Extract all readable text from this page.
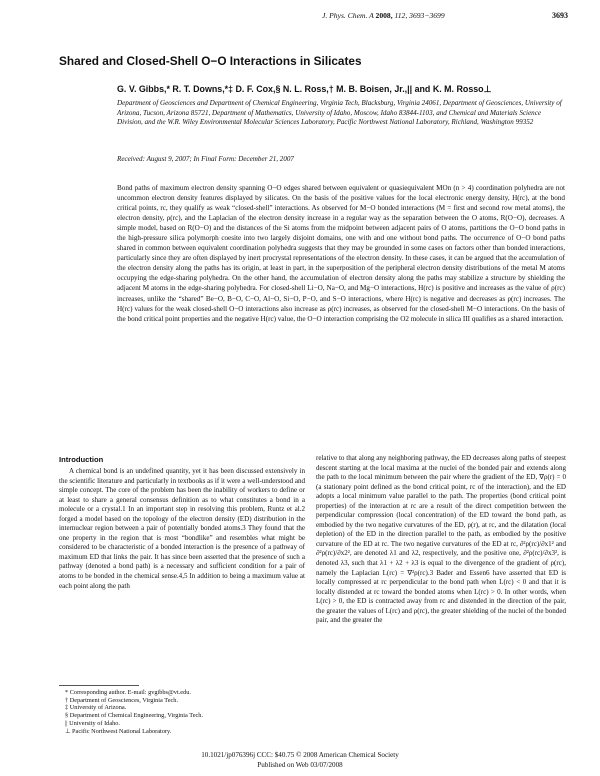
J. Phys. Chem. A 2008, 112, 3693−3699	3693
Shared and Closed-Shell O−O Interactions in Silicates
G. V. Gibbs,* R. T. Downs,*‡ D. F. Cox,§ N. L. Ross,† M. B. Boisen, Jr.,|| and K. M. Rosso⊥
Department of Geosciences and Department of Chemical Engineering, Virginia Tech, Blacksburg, Virginia 24061, Department of Geosciences, University of Arizona, Tucson, Arizona 85721, Department of Mathematics, University of Idaho, Moscow, Idaho 83844-1103, and Chemical and Materials Science Division, and the W.R. Wiley Environmental Molecular Sciences Laboratory, Pacific Northwest National Laboratory, Richland, Washington 99352
Received: August 9, 2007; In Final Form: December 21, 2007
Bond paths of maximum electron density spanning O−O edges shared between equivalent or quasiequivalent MOn (n > 4) coordination polyhedra are not uncommon electron density features displayed by silicates. On the basis of the positive values for the local electronic energy density, H(rc), at the bond critical points, rc, they qualify as weak “closed-shell” interactions. As observed for M−O bonded interactions (M = first and second row metal atoms), the electron density, ρ(rc), and the Laplacian of the electron density increase in a regular way as the separation between the O atoms, R(O−O), decreases. A simple model, based on R(O−O) and the distances of the Si atoms from the midpoint between adjacent pairs of O atoms, partitions the O−O bond paths in the high-pressure silica polymorph coesite into two largely disjoint domains, one with and one without bond paths. The occurrence of O−O bond paths shared in common between equivalent coordination polyhedra suggests that they may be grounded in some cases on factors other than bonded interactions, particularly since they are often displayed by inert procrystal representations of the electron density. In these cases, it can be argued that the accumulation of the electron density along the paths has its origin, at least in part, in the superposition of the peripheral electron density distributions of the metal M atoms occupying the edge-sharing polyhedra. On the other hand, the accumulation of electron density along the paths may stabilize a structure by shielding the adjacent M atoms in the edge-sharing polyhedra. For closed-shell Li−O, Na−O, and Mg−O interactions, H(rc) is positive and increases as the value of ρ(rc) increases, unlike the “shared” Be−O, B−O, C−O, Al−O, Si−O, P−O, and S−O interactions, where H(rc) is negative and decreases as ρ(rc) increases. The H(rc) values for the weak closed-shell O−O interactions also increase as ρ(rc) increases, as observed for the closed-shell M−O interactions. On the basis of the bond critical point properties and the negative H(rc) value, the O−O interaction comprising the O2 molecule in silica III qualifies as a shared interaction.
Introduction
A chemical bond is an undefined quantity, yet it has been discussed extensively in the scientific literature and particularly in textbooks as if it were a well-understood and simple concept. The core of the problem has been the inability of workers to define or at least to share a general consensus definition as to what constitutes a bond in a molecule or a crystal.1 In an important step in resolving this problem, Runtz et al.2 forged a model based on the topology of the electron density (ED) distribution in the internuclear region between a pair of potentially bonded atoms.3 They found that the one property in the region that is most “bondlike” and resembles what might be considered to be characteristic of a bonded interaction is the presence of a pathway of maximum ED that links the pair. It has since been asserted that the presence of such a pathway (denoted a bond path) is a necessary and sufficient condition for a pair of atoms to be bonded in the chemical sense.4,5 In addition to being a maximum value at each point along the path
relative to that along any neighboring pathway, the ED decreases along paths of steepest descent starting at the local maxima at the nuclei of the bonded pair and extends along the path to the local minimum between the pair where the gradient of the ED, ∇ρ(r) = 0 (a stationary point defined as the bond critical point, rc of the interaction), and the ED adopts a local minimum value parallel to the path. The properties (bond critical point properties) of the interaction at rc are a result of the direct competition between the perpendicular compression (local concentration) of the ED toward the bond path, as embodied by the two negative curvatures of the ED, ρ(r), at rc, and the dilatation (local depletion) of the ED in the direction parallel to the path, as embodied by the positive curvature of the ED at rc. The two negative curvatures of the ED at rc, ∂²ρ(rc)/∂x1² and ∂²ρ(rc)/∂x2², are denoted λ1 and λ2, respectively, and the positive one, ∂²ρ(rc)/∂x3², is denoted λ3, such that λ1 + λ2 + λ3 is equal to the divergence of the gradient of ρ(rc), namely the Laplacian L(rc) = ∇²ρ(rc).3 Bader and Essen6 have asserted that ED is locally compressed at rc perpendicular to the bond path when L(rc) < 0 and that it is locally distended at rc toward the bonded atoms when L(rc) > 0. In other words, when L(rc) > 0, the ED is contracted away from rc and distended in the direction of the pair, the greater the values of L(rc) and ρ(rc), the greater shielding of the nuclei of the bonded pair, and the greater the
* Corresponding author. E-mail: gvgibbs@vt.edu.
† Department of Geosciences, Virginia Tech.
‡ University of Arizona.
§ Department of Chemical Engineering, Virginia Tech.
|| University of Idaho.
⊥ Pacific Northwest National Laboratory.
10.1021/jp076396j CCC: $40.75 © 2008 American Chemical Society
Published on Web 03/07/2008
